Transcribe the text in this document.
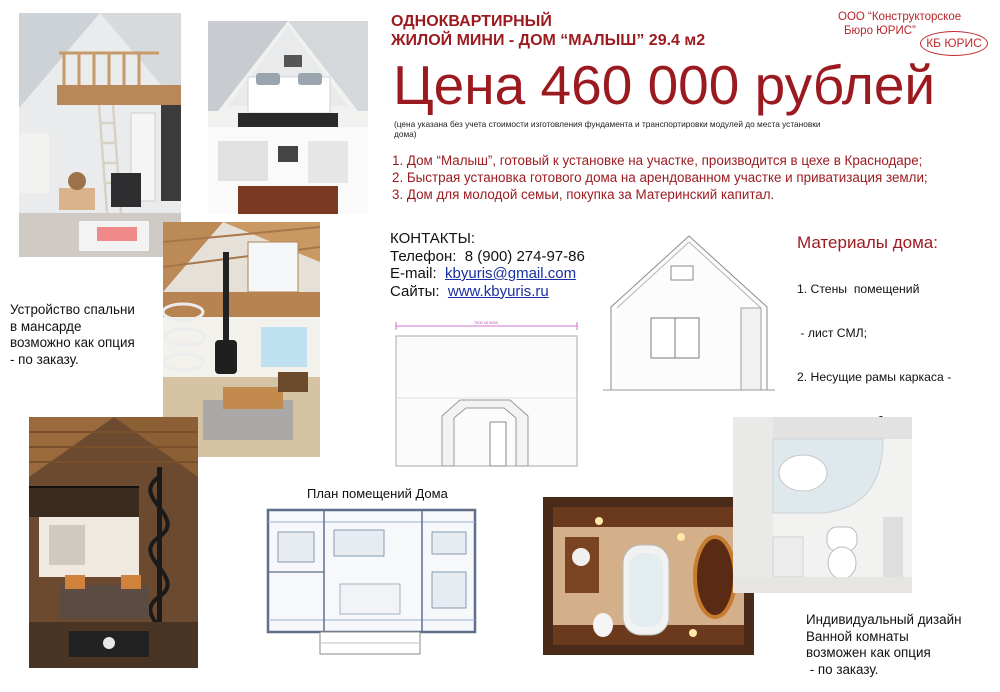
ОДНОКВАРТИРНЫЙ
ЖИЛОЙ МИНИ - ДОМ “МАЛЫШ” 29.4 м2
ООО “Конструкторское
Бюро ЮРИС”
КБ ЮРИС
Цена 460 000 рублей
(цена указана без учета стоимости изготовления фундамента и транспортировки модулей до места установки дома)
1. Дом “Малыш”, готовый к установке на участке, производится в цехе в Краснодаре;
2. Быстрая установка готового дома на арендованном участке и приватизация земли;
3. Дом для молодой семьи, покупка за Материнский капитал.
КОНТАКТЫ:
Телефон: 8 (900) 274-97-86
E-mail: kbyuris@gmail.com
Сайты: www.kbyuris.ru
Материалы дома:

1. Стены  помещений

- лист СМЛ;

2. Несущие рамы каркаса -

Устройство спальни
в мансарде
возможно как опция
- по заказу.
План помещений Дома
Индивидуальный дизайн
Ванной комнаты
возможен как опция
- по заказу.
7500 х5 8000
